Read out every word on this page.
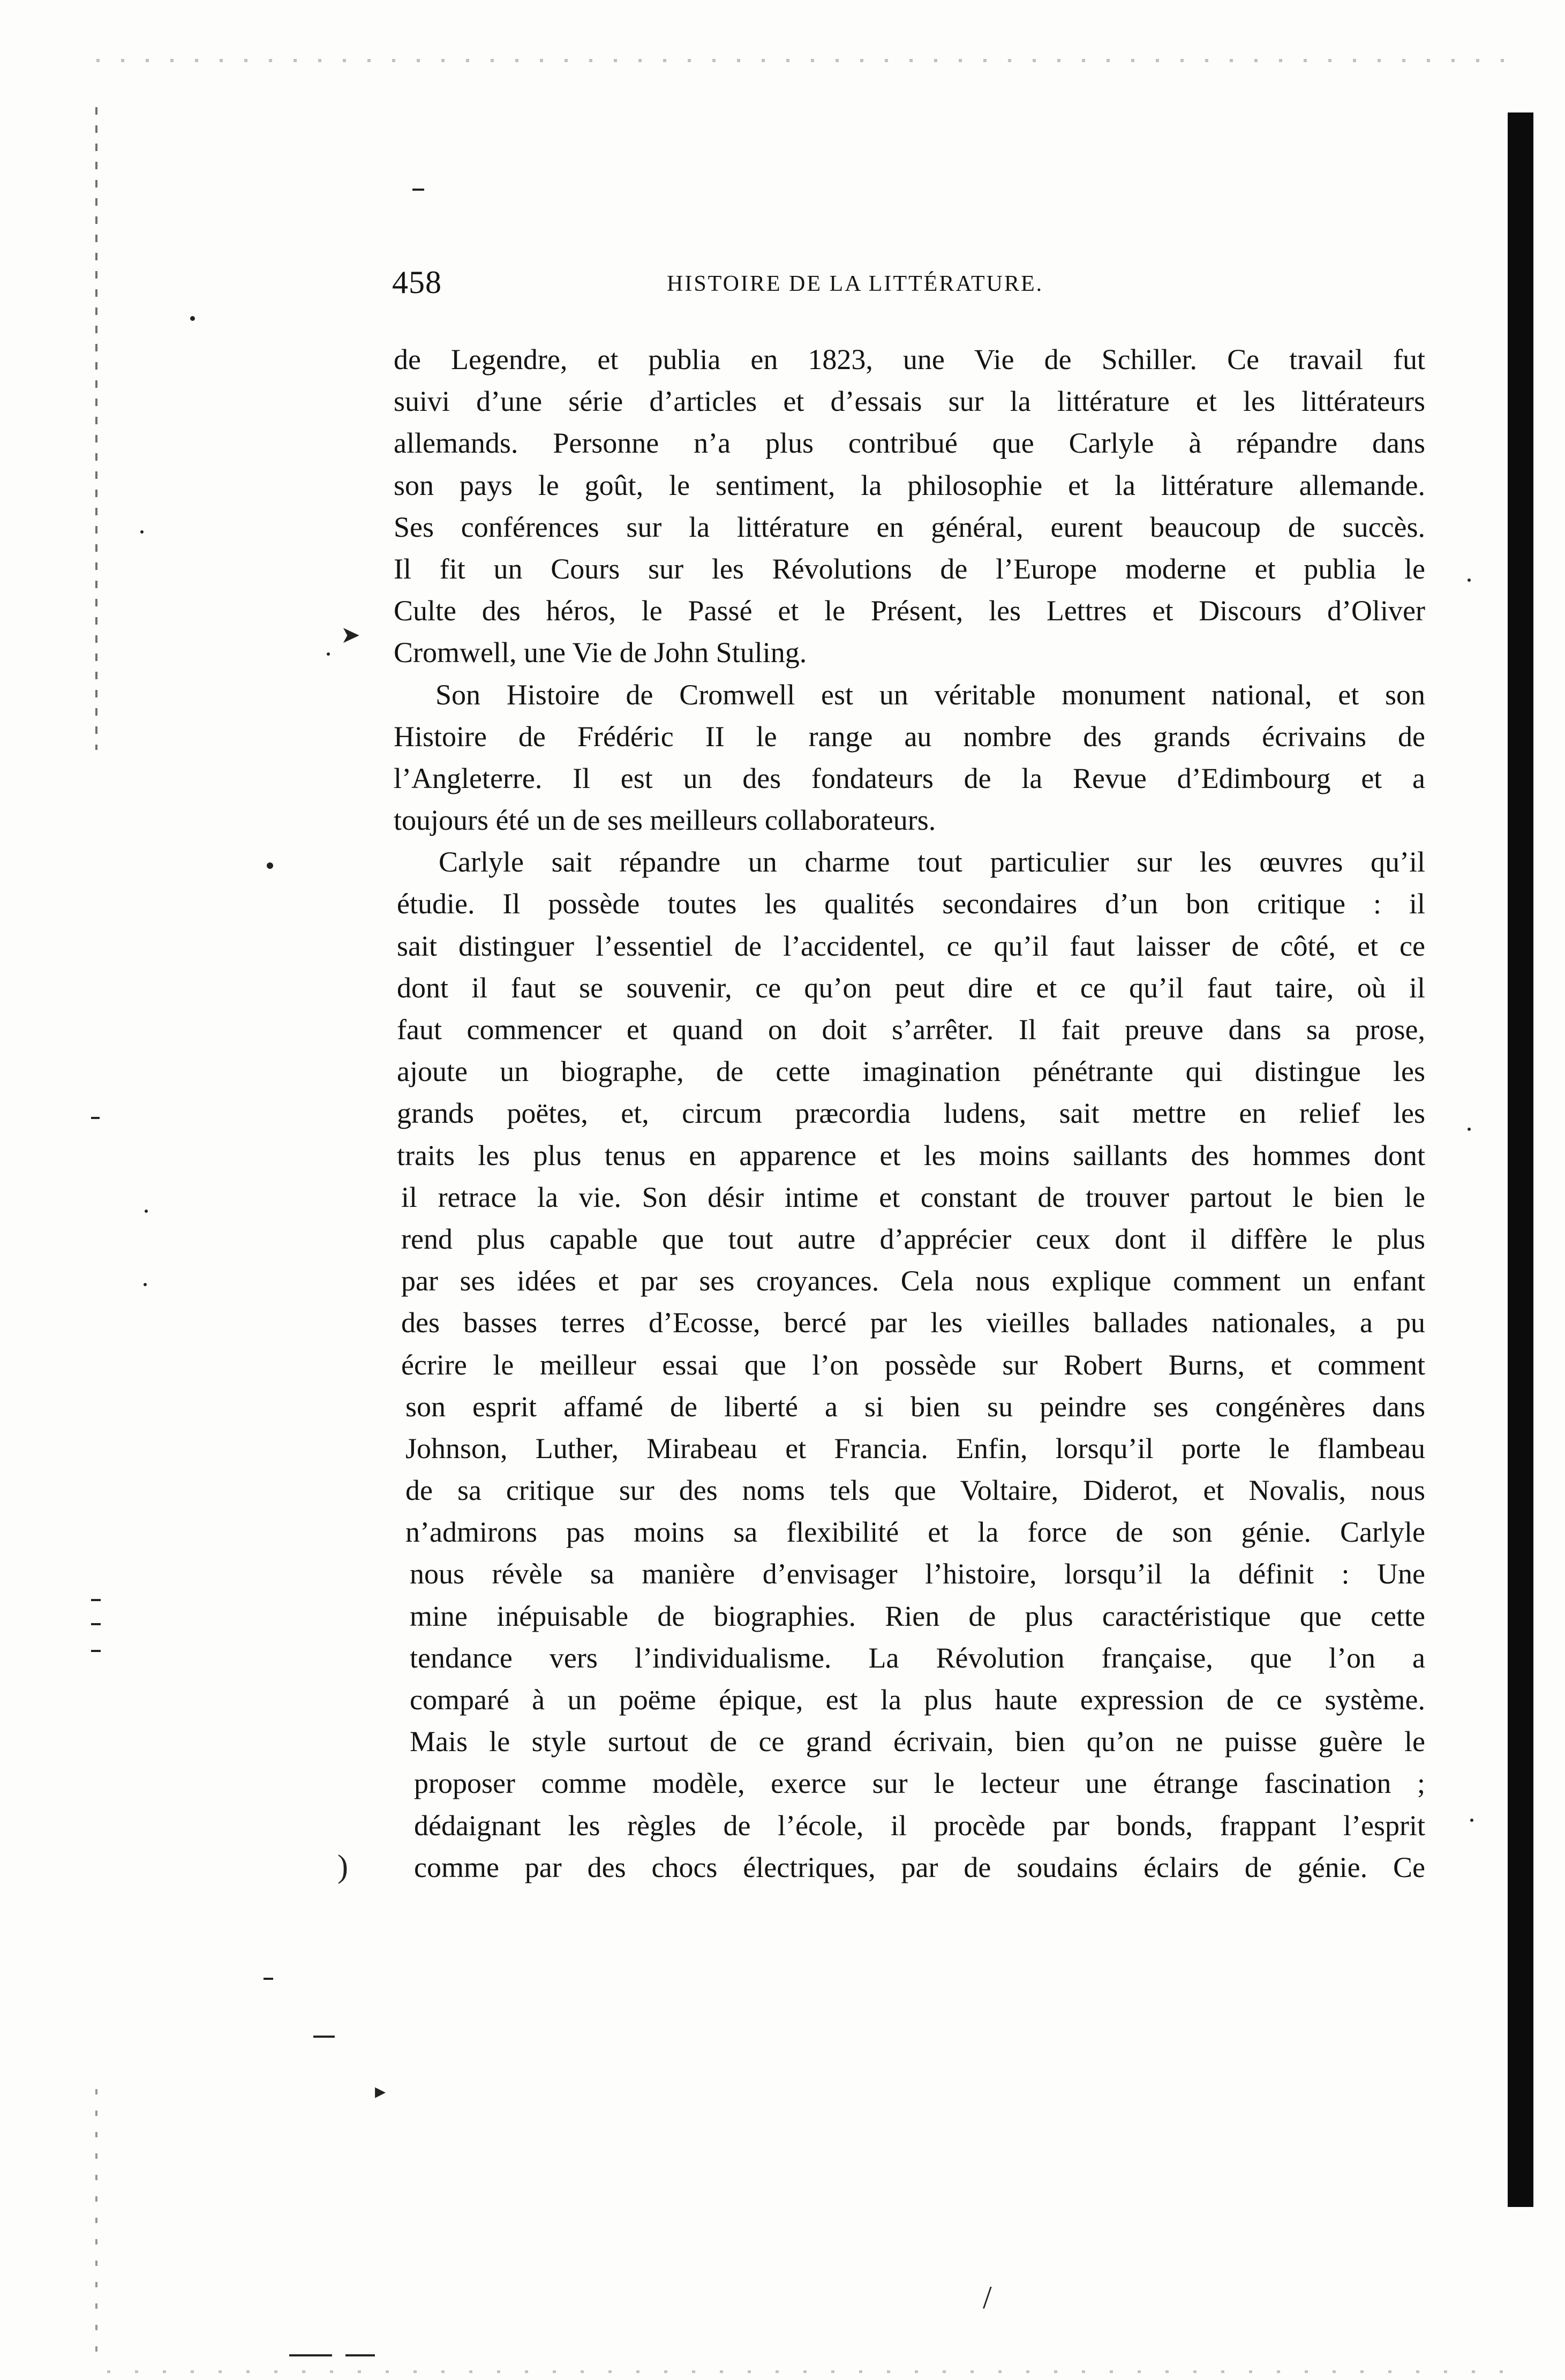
/
)
▸
➤
458	HISTOIRE DE LA LITTÉRATURE.
de Legendre, et publia en 1823, une Vie de Schiller. Ce travail fut
suivi d’une série d’articles et d’essais sur la littérature et les littérateurs
allemands. Personne n’a plus contribué que Carlyle à répandre dans
son pays le goût, le sentiment, la philosophie et la littérature allemande.
Ses conférences sur la littérature en général, eurent beaucoup de succès.
Il fit un Cours sur les Révolutions de l’Europe moderne et publia le
Culte des héros, le Passé et le Présent, les Lettres et Discours d’Oliver
Cromwell, une Vie de John Stuling.
Son Histoire de Cromwell est un véritable monument national, et son
Histoire de Frédéric II le range au nombre des grands écrivains de
l’Angleterre. Il est un des fondateurs de la Revue d’Edimbourg et a
toujours été un de ses meilleurs collaborateurs.
Carlyle sait répandre un charme tout particulier sur les œuvres qu’il
étudie. Il possède toutes les qualités secondaires d’un bon critique : il
sait distinguer l’essentiel de l’accidentel, ce qu’il faut laisser de côté, et ce
dont il faut se souvenir, ce qu’on peut dire et ce qu’il faut taire, où il
faut commencer et quand on doit s’arrêter. Il fait preuve dans sa prose,
ajoute un biographe, de cette imagination pénétrante qui distingue les
grands poëtes, et, circum præcordia ludens, sait mettre en relief les
traits les plus tenus en apparence et les moins saillants des hommes dont
il retrace la vie. Son désir intime et constant de trouver partout le bien le
rend plus capable que tout autre d’apprécier ceux dont il diffère le plus
par ses idées et par ses croyances. Cela nous explique comment un enfant
des basses terres d’Ecosse, bercé par les vieilles ballades nationales, a pu
écrire le meilleur essai que l’on possède sur Robert Burns, et comment
son esprit affamé de liberté a si bien su peindre ses congénères dans
Johnson, Luther, Mirabeau et Francia. Enfin, lorsqu’il porte le flambeau
de sa critique sur des noms tels que Voltaire, Diderot, et Novalis, nous
n’admirons pas moins sa flexibilité et la force de son génie. Carlyle
nous révèle sa manière d’envisager l’histoire, lorsqu’il la définit : Une
mine inépuisable de biographies. Rien de plus caractéristique que cette
tendance vers l’individualisme. La Révolution française, que l’on a
comparé à un poëme épique, est la plus haute expression de ce système.
Mais le style surtout de ce grand écrivain, bien qu’on ne puisse guère le
proposer comme modèle, exerce sur le lecteur une étrange fascination ;
dédaignant les règles de l’école, il procède par bonds, frappant l’esprit
comme par des chocs électriques, par de soudains éclairs de génie. Ce
